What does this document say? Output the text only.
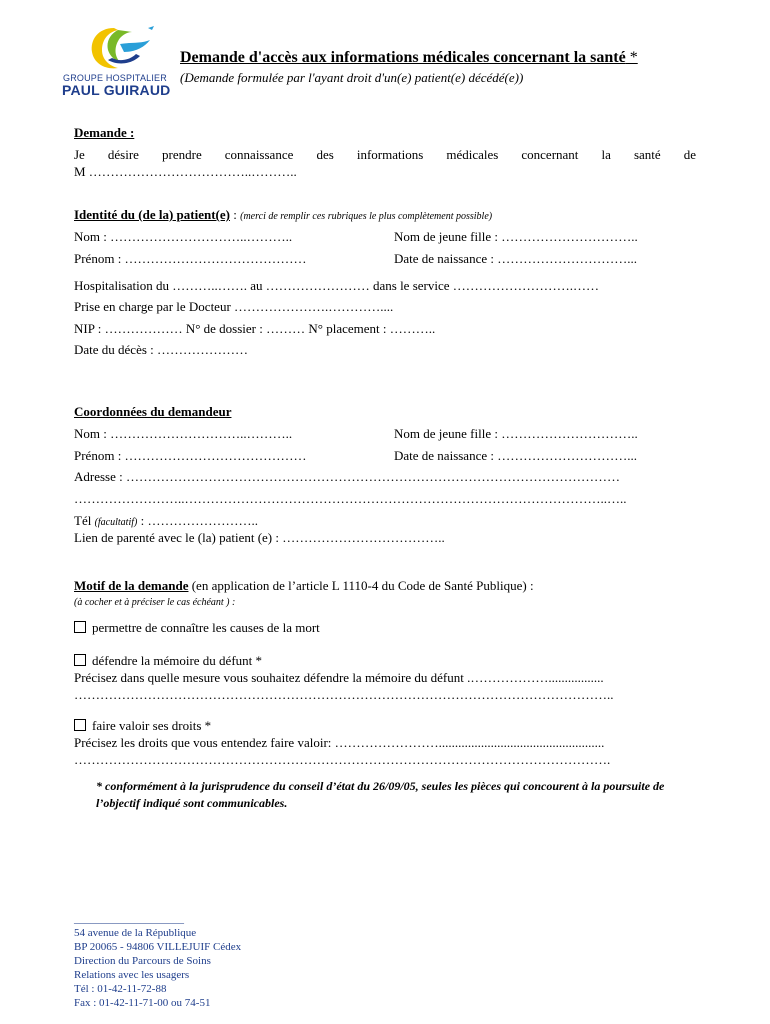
GROUPE HOSPITALIER
PAUL GUIRAUD
Demande d'accès aux informations médicales concernant la santé *
(Demande formulée par l'ayant droit d'un(e) patient(e) décédé(e))
Demande :
Je désire prendre connaissance des informations médicales concernant la santé de
M ………………………………..………..
Identité du (de la) patient(e) : (merci de remplir ces rubriques le plus complètement possible)
Nom : …………………………..………..	Nom de jeune fille : …………………………..
Prénom : ……………………………………	Date de naissance : …………………………...
Hospitalisation du ………..……. au …………………… dans le service ……………………….……
Prise en charge par le Docteur ………………….…………....
NIP : ……………… N° de dossier : ……… N° placement : ………..
Date du décès : …………………
Coordonnées du demandeur
Nom : …………………………..………..	Nom de jeune fille : …………………………..
Prénom : ……………………………………	Date de naissance : …………………………...
Adresse : ……………………………………………………………………………………………………
……………………..……………………………………………………………………………………..…..
Tél (facultatif) : ……………………..
Lien de parenté avec le (la) patient (e) : ………………………………..
Motif de la demande (en application de l’article L 1110-4 du Code de Santé Publique) :
(à cocher et à préciser le cas échéant ) :
permettre de connaître les causes de la mort
défendre la mémoire du défunt *
Précisez dans quelle mesure vous souhaitez défendre la mémoire du défunt .……………….................
……………………………………………………………………………………………………………..
faire valoir ses droits *
Précisez les droits que vous entendez faire valoir: ……………………...................................................
…………………………………………………………………………………………………………….
* conformément à la jurisprudence du conseil d’état du 26/09/05, seules les pièces qui concourent à la poursuite de l’objectif indiqué sont communicables.
____________________
54 avenue de la République
BP 20065 - 94806 VILLEJUIF Cédex
Direction du Parcours de Soins
Relations avec les usagers
Tél : 01-42-11-72-88
Fax : 01-42-11-71-00 ou 74-51
